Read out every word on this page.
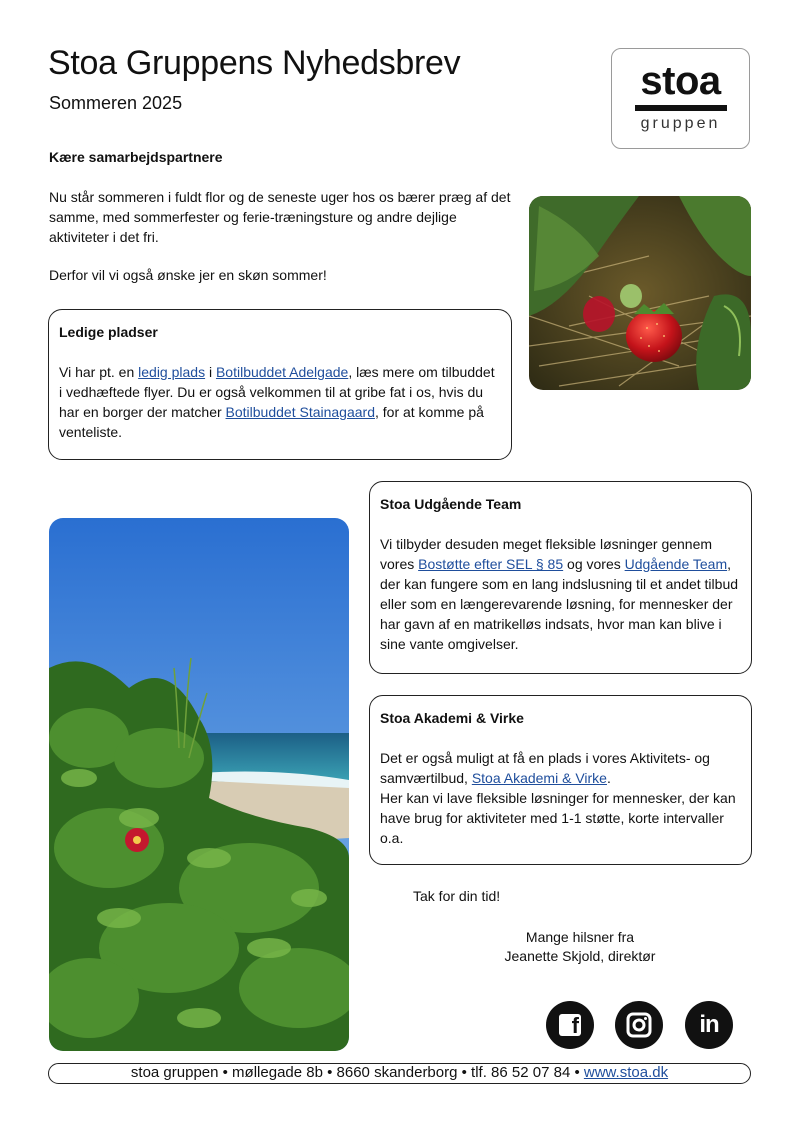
Stoa Gruppens Nyhedsbrev
Sommeren 2025	stoa
gruppen
Kære samarbejdspartnere

Nu står sommeren i fuldt flor og de seneste uger hos os bærer præg af det samme, med sommerfester og ferie-træningsture og andre dejlige aktiviteter i det fri.

Derfor vil vi også ønske jer en skøn sommer!

Ledige pladser

Vi har pt. en ledig plads i Botilbuddet Adelgade, læs mere om tilbuddet i vedhæftede flyer. Du er også velkommen til at gribe fat i os, hvis du har en borger der matcher Botilbuddet Stainagaard, for at komme på venteliste.

Stoa Udgående Team

Vi tilbyder desuden meget fleksible løsninger gennem vores Bostøtte efter SEL § 85 og vores Udgående Team, der kan fungere som en lang indslusning til et andet tilbud eller som en længerevarende løsning, for mennesker der har gavn af en matrikelløs indsats, hvor man kan blive i sine vante omgivelser.

Stoa Akademi & Virke

Det er også muligt at få en plads i vores Aktivitets- og samværtilbud, Stoa Akademi & Virke.
Her kan vi lave fleksible løsninger for mennesker, der kan have brug for aktiviteter med 1-1 støtte, korte intervaller o.a.

Tak for din tid!
Mange hilsner fra
Jeanette Skjold, direktør
f	in
stoa gruppen • møllegade 8b • 8660 skanderborg • tlf. 86 52 07 84 • www.stoa.dk
